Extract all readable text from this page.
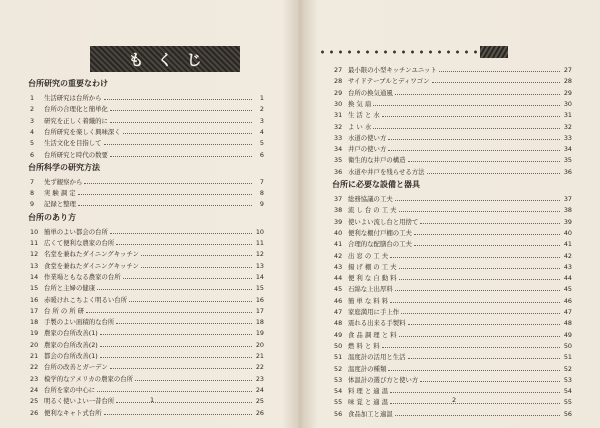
も く じ
台所研究の重要なわけ
1	生活研究は台所から	1
2	台所の合理化と簡単化	2
3	研究を正しく着織的に	3
4	台所研究を楽しく興味深く	4
5	生活文化を目指して	5
6	台所研究と時代の数要	6
台所科学の研究方法
7	先ず観察から	7
8	実 験 調 定	8
9	記録と整理	9
台所のあり方
10 簡単のよい都会の台所	10
11 広くて便利な農家の台所	11
12 名堂を兼ねたダイニングキッチン	12
13 食堂を兼ねたダイニングキッチン	13
14 作業場ともなる農家の台所	14
15 台所と主婦の健康	15
16 赤暖けれこちよく明るい台所	16
17 台 所 の 所 研	17
18 手製のよい面積的な台所	18
19 農家の台所改善(1)	19
20 農家の台所改善(2)	20
21 都会の台所改善(1)	21
22 台所の改善とガーデン	22
23 模学的なアメリカの農家の台所	23
24 台所を家の中心に	24
25 明るく使いよい一昔台所	25
26 便利なキャト式台所	26
1
27 最小限の小型キッチンユニット	27
28 サイドテーブルとディワゴン	28
29 台所の換気通風	29
30 換 気 扇	30
31 生 活 と 水	31
32 よ い 水	32
33 水道の使い方	33
34 井戸の使い方	34
35 衛生的な井戸の構造	35
36 水道や井戸を残らせる方法	36
台所に必要な設備と器具
37 総務協議の工夫	37
38 流 し 台 の 工 夫	38
39 使いよい流し台と用捨て	39
40 便利な棚付戸棚の工夫	40
41 合理的な配膳台の工夫	41
42 出 窓 の 工 夫	42
43 揚 げ 棚 の 工 夫	43
44 便 利 な 自 動 料	44
45 石綿な上出厚料	45
46 簡 単 な 料 料	46
47 家庭満用に手上作	47
48 震れる出来る手製料	48
49 食 品 調 理 と 料	49
50 燃 料 と 料	50
51 温度計の活用と生活	51
52 温度計の種類	52
53 体温計の選び方と使い方	53
54 料 理 と 適 温	54
55 味 覚 と 適 温	55
56 食品加工と適温	56
2
